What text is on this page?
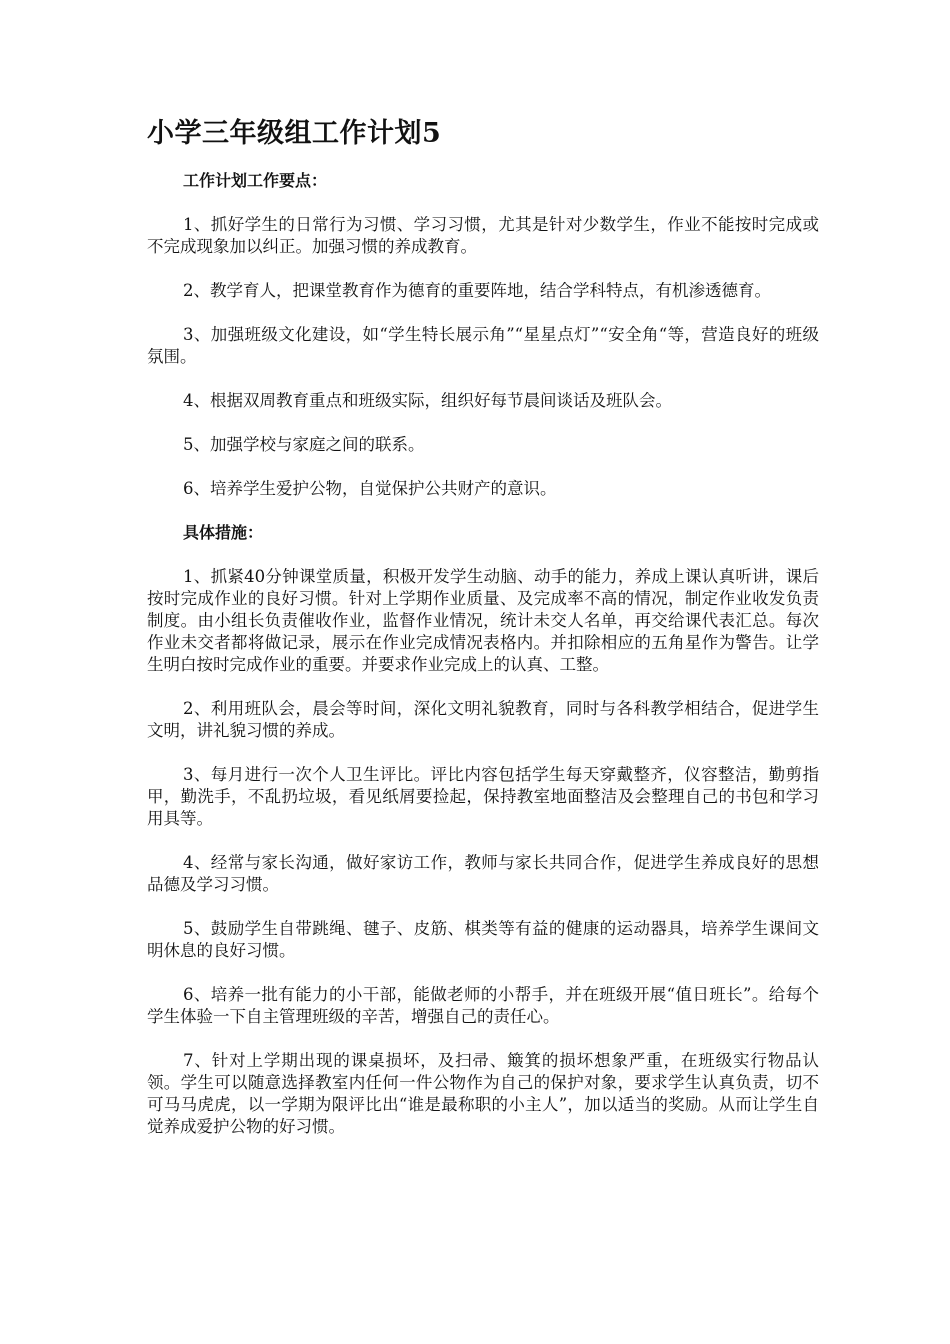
小学三年级组工作计划5
工作计划工作要点：

1、抓好学生的日常行为习惯、学习习惯，尤其是针对少数学生，作业不能按时完成或不完成现象加以纠正。加强习惯的养成教育。

2、教学育人，把课堂教育作为德育的重要阵地，结合学科特点，有机渗透德育。

3、加强班级文化建设，如“学生特长展示角”“星星点灯”“安全角“等，营造良好的班级氛围。

4、根据双周教育重点和班级实际，组织好每节晨间谈话及班队会。

5、加强学校与家庭之间的联系。

6、培养学生爱护公物，自觉保护公共财产的意识。

具体措施：

1、抓紧40分钟课堂质量，积极开发学生动脑、动手的能力，养成上课认真听讲，课后按时完成作业的良好习惯。针对上学期作业质量、及完成率不高的情况，制定作业收发负责制度。由小组长负责催收作业，监督作业情况，统计未交人名单，再交给课代表汇总。每次作业未交者都将做记录，展示在作业完成情况表格内。并扣除相应的五角星作为警告。让学生明白按时完成作业的重要。并要求作业完成上的认真、工整。

2、利用班队会，晨会等时间，深化文明礼貌教育，同时与各科教学相结合，促进学生文明，讲礼貌习惯的养成。

3、每月进行一次个人卫生评比。评比内容包括学生每天穿戴整齐，仪容整洁，勤剪指甲，勤洗手，不乱扔垃圾，看见纸屑要捡起，保持教室地面整洁及会整理自己的书包和学习用具等。

4、经常与家长沟通，做好家访工作，教师与家长共同合作，促进学生养成良好的思想品德及学习习惯。

5、鼓励学生自带跳绳、毽子、皮筋、棋类等有益的健康的运动器具，培养学生课间文明休息的良好习惯。

6、培养一批有能力的小干部，能做老师的小帮手，并在班级开展“值日班长”。给每个学生体验一下自主管理班级的辛苦，增强自己的责任心。

7、针对上学期出现的课桌损坏，及扫帚、簸箕的损坏想象严重，在班级实行物品认领。学生可以随意选择教室内任何一件公物作为自己的保护对象，要求学生认真负责，切不可马马虎虎，以一学期为限评比出“谁是最称职的小主人”，加以适当的奖励。从而让学生自觉养成爱护公物的好习惯。
